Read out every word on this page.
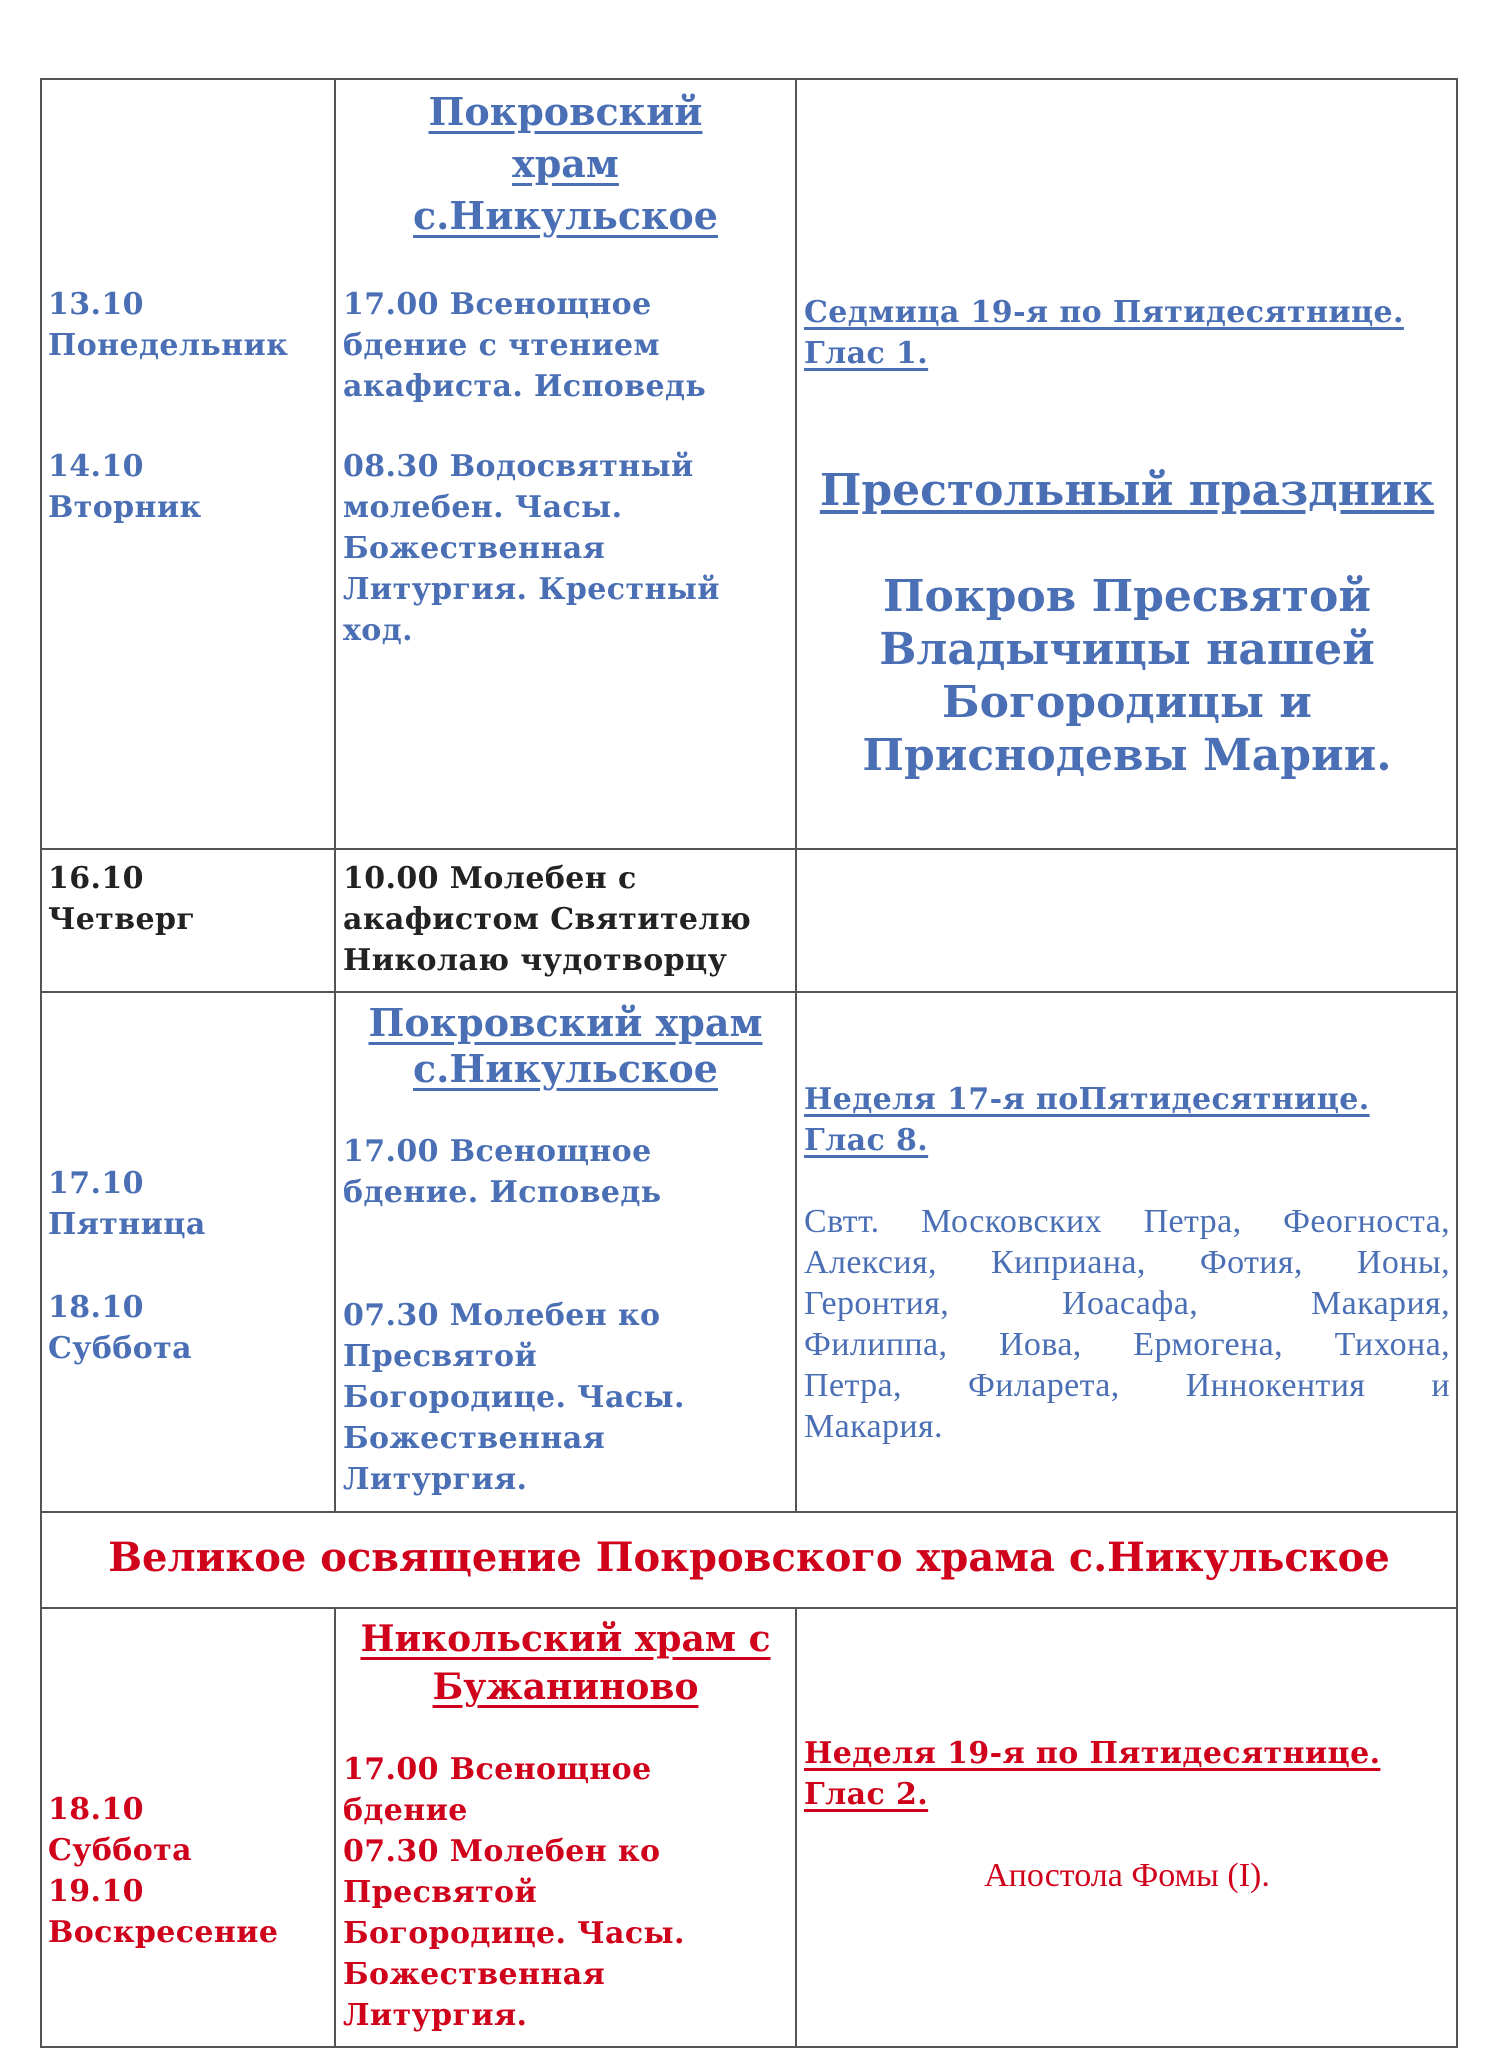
13.10
Понедельник
14.10
Вторник
Покровский
храм
с.Никульское
17.00 Всенощное
бдение с чтением
акафиста. Исповедь
08.30 Водосвятный
молебен. Часы.
Божественная
Литургия. Крестный
ход.
Седмица 19-я по Пятидесятнице.
Глас 1.
Престольный праздник
Покров Пресвятой
Владычицы нашей
Богородицы и
Приснодевы Марии.
16.10
Четверг
10.00 Молебен с
акафистом Святителю
Николаю чудотворцу
17.10
Пятница
18.10
Суббота
Покровский храм
с.Никульское
17.00 Всенощное
бдение. Исповедь
07.30 Молебен ко
Пресвятой
Богородице. Часы.
Божественная
Литургия.
Неделя 17-я поПятидесятнице.
Глас 8.
Свтт. Московских Петра, Феогноста,
Алексия, Киприана, Фотия, Ионы,
Геронтия, Иоасафа, Макария,
Филиппа, Иова, Ермогена, Тихона,
Петра, Филарета, Иннокентия и
Макария.
Великое освящение Покровского храма с.Никульское
18.10
Суббота
19.10
Воскресение
Никольский храм с
Бужаниново
17.00 Всенощное
бдение
07.30 Молебен ко
Пресвятой
Богородице. Часы.
Божественная
Литургия.
Неделя 19-я по Пятидесятнице.
Глас 2.
Апостола Фомы (I).
